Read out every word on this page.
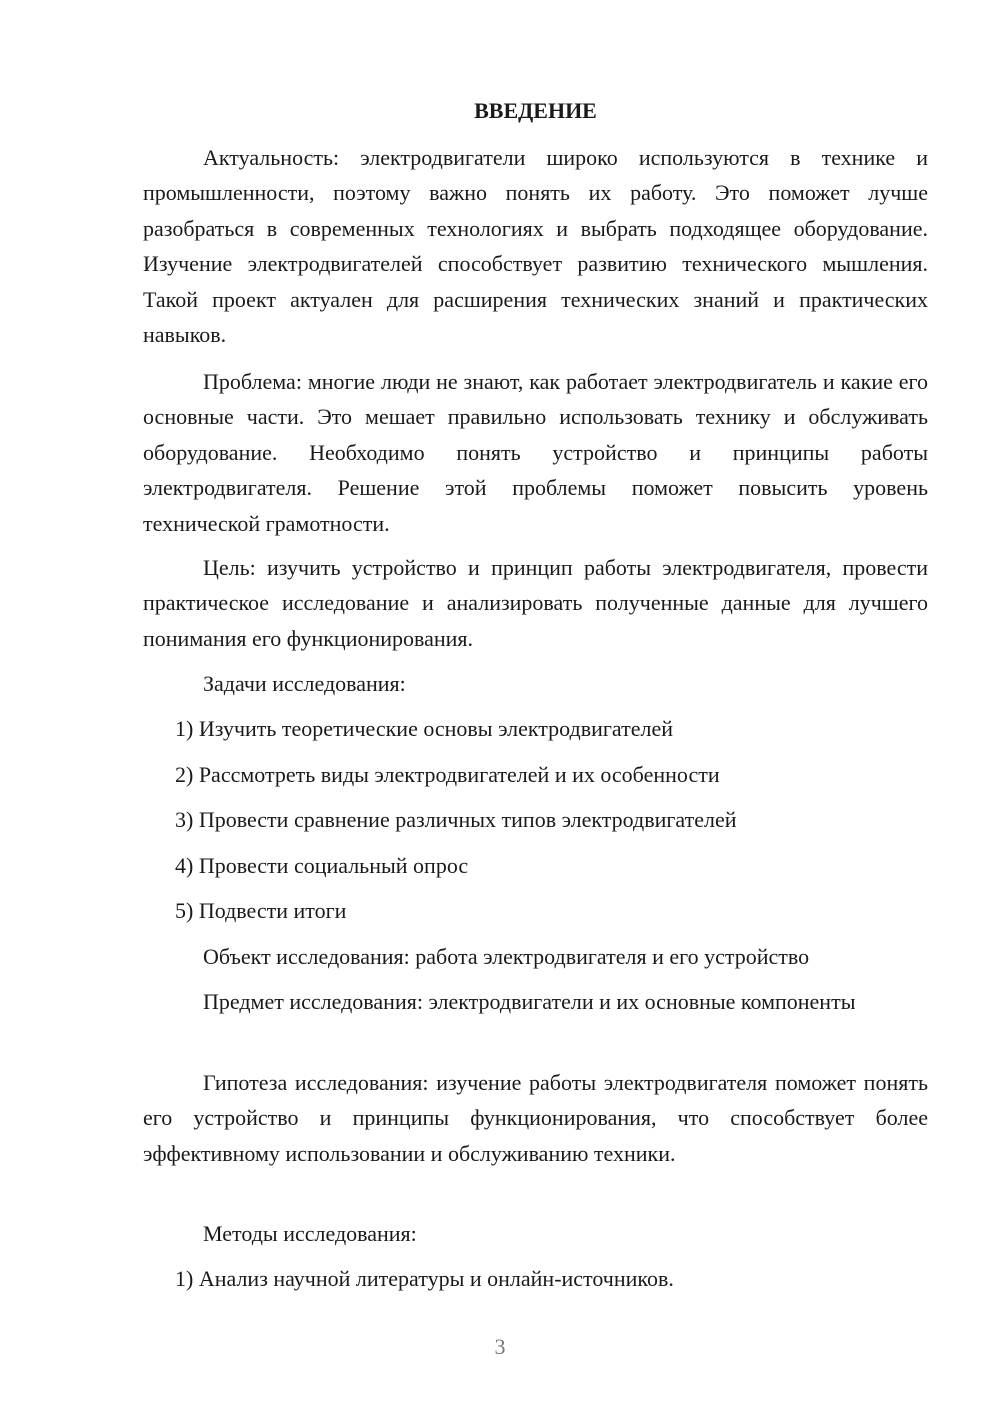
ВВЕДЕНИЕ

Актуальность: электродвигатели широко используются в технике и промышленности, поэтому важно понять их работу. Это поможет лучше разобраться в современных технологиях и выбрать подходящее оборудование. Изучение электродвигателей способствует развитию технического мышления. Такой проект актуален для расширения технических знаний и практических навыков.

Проблема: многие люди не знают, как работает электродвигатель и какие его основные части. Это мешает правильно использовать технику и обслуживать оборудование. Необходимо понять устройство и принципы работы электродвигателя. Решение этой проблемы поможет повысить уровень технической грамотности.

Цель: изучить устройство и принцип работы электродвигателя, провести практическое исследование и анализировать полученные данные для лучшего понимания его функционирования.

Задачи исследования:

1) Изучить теоретические основы электродвигателей

2) Рассмотреть виды электродвигателей и их особенности

3) Провести сравнение различных типов электродвигателей

4) Провести социальный опрос

5) Подвести итоги

Объект исследования: работа электродвигателя и его устройство

Предмет исследования: электродвигатели и их основные компоненты

Гипотеза исследования: изучение работы электродвигателя поможет понять его устройство и принципы функционирования, что способствует более эффективному использовании и обслуживанию техники.

Методы исследования:

1) Анализ научной литературы и онлайн-источников.

3
